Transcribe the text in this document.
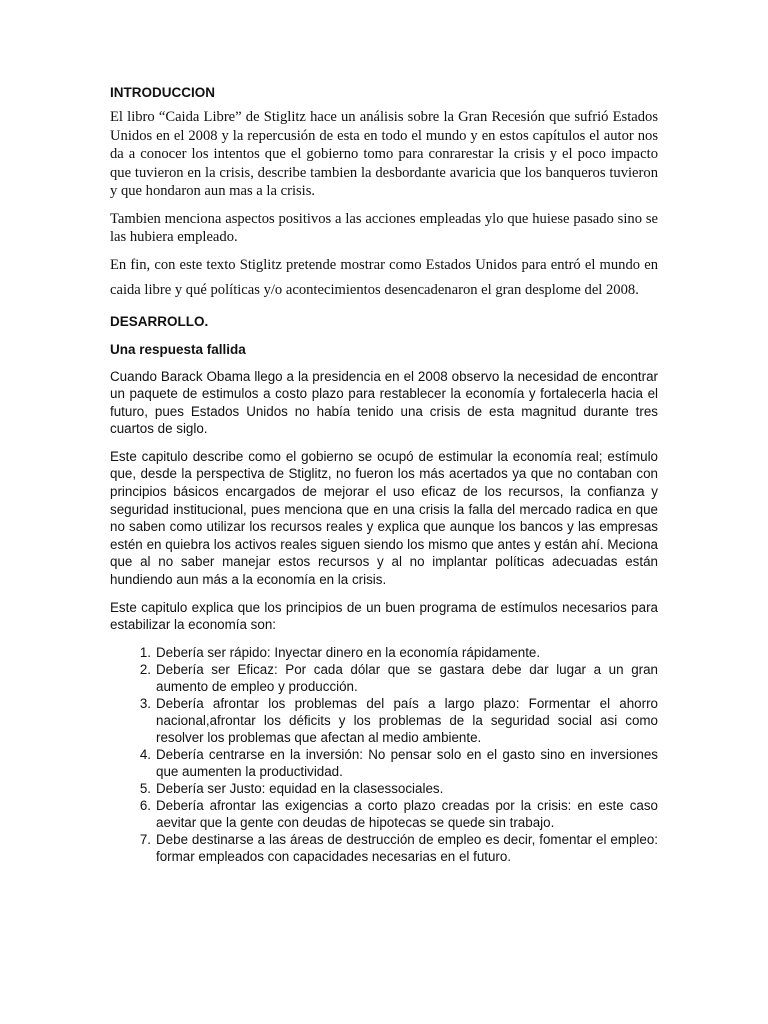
INTRODUCCION

El libro “Caida Libre” de Stiglitz hace un análisis sobre la Gran Recesión que sufrió Estados Unidos en el 2008 y la repercusión de esta en todo el mundo y en estos capítulos el autor nos da a conocer los intentos que el gobierno tomo para conrarestar la crisis y el poco impacto que tuvieron en la crisis, describe tambien la desbordante avaricia que los banqueros tuvieron y que hondaron aun mas a la crisis.

Tambien menciona aspectos positivos a las acciones empleadas ylo que huiese pasado sino se las hubiera empleado.

En fin, con este texto Stiglitz pretende mostrar como Estados Unidos para entró el mundo en caida libre y qué políticas y/o acontecimientos desencadenaron el gran desplome del 2008.

DESARROLLO.

Una respuesta fallida

Cuando Barack Obama llego a la presidencia en el 2008 observo la necesidad de encontrar un paquete de estimulos a costo plazo para restablecer la economía y fortalecerla hacia el futuro, pues Estados Unidos no había tenido una crisis de esta magnitud durante tres cuartos de siglo.

Este capitulo describe como el gobierno se ocupó de estimular la economía real; estímulo que, desde la perspectiva de Stiglitz, no fueron los más acertados ya que no contaban con principios básicos encargados de mejorar el uso eficaz de los recursos, la confianza y seguridad institucional, pues menciona que en una crisis la falla del mercado radica en que no saben como utilizar los recursos reales y explica que aunque los bancos y las empresas estén en quiebra los activos reales siguen siendo los mismo que antes y están ahí. Meciona que al no saber manejar estos recursos y al no implantar políticas adecuadas están hundiendo aun más a la economía en la crisis.

Este capitulo explica que los principios de un buen programa de estímulos necesarios para estabilizar la economía son:

1. Debería ser rápido: Inyectar dinero en la economía rápidamente.
2. Debería ser Eficaz: Por cada dólar que se gastara debe dar lugar a un gran aumento de empleo y producción.
3. Debería afrontar los problemas del país a largo plazo: Formentar el ahorro nacional,afrontar los déficits y los problemas de la seguridad social asi como resolver los problemas que afectan al medio ambiente.
4. Debería centrarse en la inversión: No pensar solo en el gasto sino en inversiones que aumenten la productividad.
5. Debería ser Justo: equidad en la clasessociales.
6. Debería afrontar las exigencias a corto plazo creadas por la crisis: en este caso aevitar que la gente con deudas de hipotecas se quede sin trabajo.
7. Debe destinarse a las áreas de destrucción de empleo es decir, fomentar el empleo: formar empleados con capacidades necesarias en el futuro.
